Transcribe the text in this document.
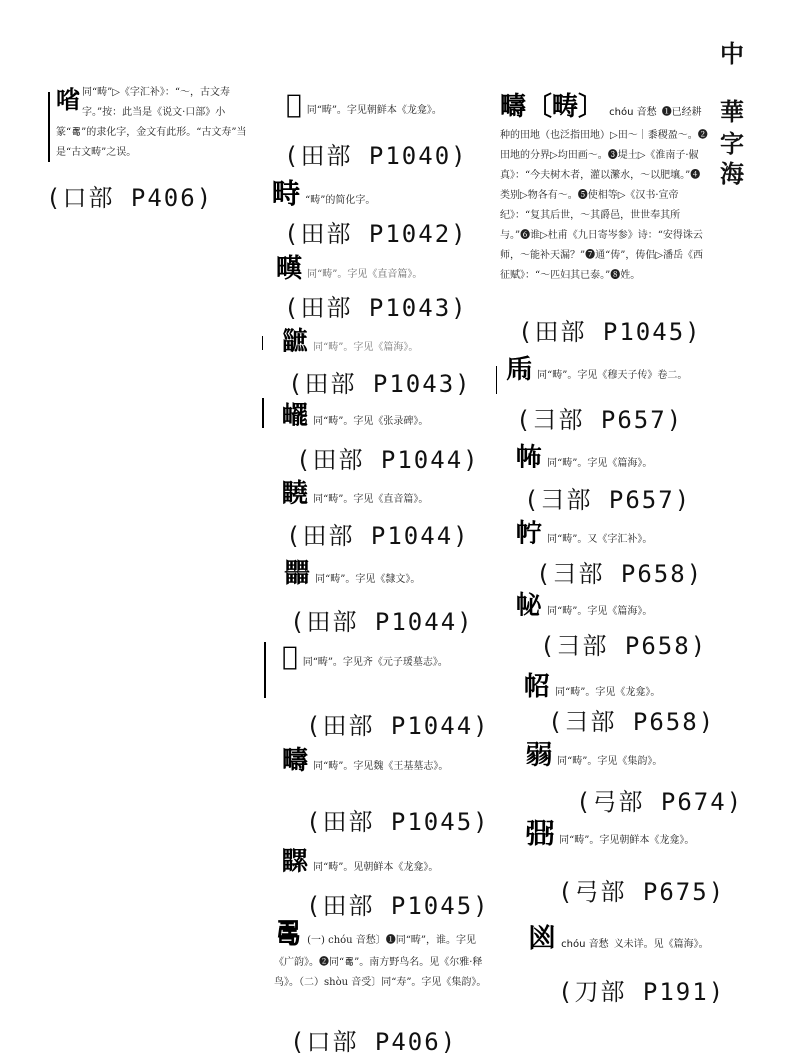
中
華
字
海
㗂 同“畴”▷《字汇补》：“～，古文寿字。”按：此当是《说文·口部》小篆“𠷎”的隶化字，金文有此形。“古文寿”当是“古文畴”之误。
(口部 P406)
𤱖 同“畴”。字见朝鲜本《龙龛》。
(田部 P1040)
畤 “畴”的简化字。
(田部 P1042)
𤳉 同“畴”。字见《直音篇》。
(田部 P1043)
𤳯 同“畴”。字见《篇海》。
(田部 P1043)
𤳸 同“畴”。字见《张录碑》。
(田部 P1044)
𤴀 同“畴”。字见《直音篇》。
(田部 P1044)
𤳹 同“畴”。字见《隸文》。
(田部 P1044)
𤳺 同“畴”。字见齐《元子瑗墓志》。
(田部 P1044)
疇 同“畴”。字见魏《王基墓志》。
(田部 P1045)
𤳻 同“畴”。见朝鲜本《龙龛》。
(田部 P1045)
𠷎 (一) chóu 音愁〕❶同“畴”，谁。字见《广韵》。❷同“𠷎”。南方野鸟名。见《尔雅·释鸟》。（二）shòu 音受〕同“寿”。字见《集韵》。
(口部 P406)
疇〔畴〕 chóu 音愁 ❶已经耕种的田地（也泛指田地）▷田～｜黍稷盈～。❷田地的分界▷均田画～。❸堤土▷《淮南子·俶真》：“今夫树木者，灌以瀿水，～以肥壤。”❹类别▷物各有～。❺使相等▷《汉书·宣帝纪》：“复其后世，～其爵邑，世世奉其所与。”❻谁▷杜甫《九日寄岑参》诗：“安得诛云师，～能补天漏？”❼通“俦”，俦侣▷潘岳《西征赋》：“～匹妇其已泰。”❽姓。
(田部 P1045)
𢁺 同“畴”。字见《穆天子传》卷二。
(彐部 P657)
𢁻 同“畴”。字见《篇海》。
(彐部 P657)
𢁼 同“畴”。又《字汇补》。
(彐部 P658)
𢁽 同“畴”。字见《篇海》。
(彐部 P658)
𢁾 同“畴”。字见《龙龛》。
(彐部 P658)
𢐅 同“畴”。字见《集韵》。
(弓部 P674)
𢐆 同“畴”。字见朝鲜本《龙龛》。
(弓部 P675)
𠚍 chóu 音愁 义未详。见《篇海》。
(刀部 P191)
